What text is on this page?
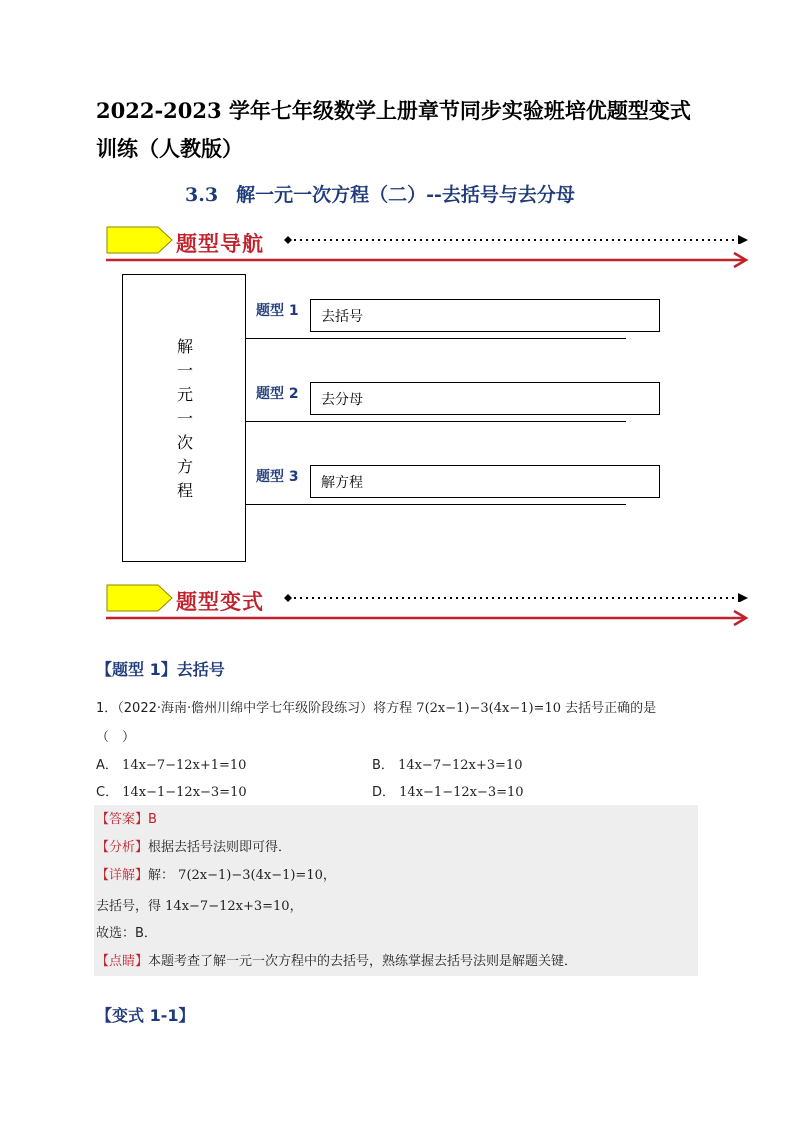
2022-2023 学年七年级数学上册章节同步实验班培优题型变式训练（人教版）
3.3 解一元一次方程（二）--去括号与去分母
题型导航
解
一
元
一
次
方
程
题型 1	去括号
题型 2	去分母
题型 3	解方程
题型变式
【题型 1】去括号
1．（2022·海南·儋州川绵中学七年级阶段练习）将方程 7(2x−1)−3(4x−1)=10 去括号正确的是
（　）
A． 14x−7−12x+1=10	B． 14x−7−12x+3=10
C． 14x−1−12x−3=10	D． 14x−1−12x−3=10
【答案】B
【分析】根据去括号法则即可得．
【详解】解： 7(2x−1)−3(4x−1)=10，
去括号，得 14x−7−12x+3=10，
故选：B．
【点睛】本题考查了解一元一次方程中的去括号，熟练掌握去括号法则是解题关键．
【变式 1-1】
